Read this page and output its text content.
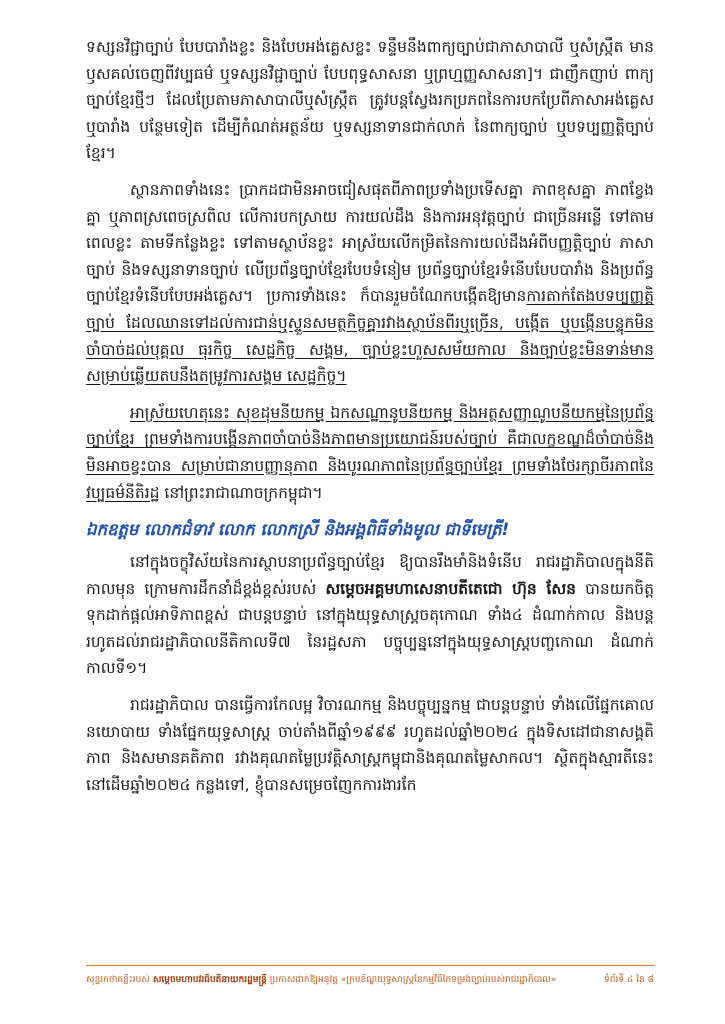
ទស្សនវិជ្ជាច្បាប់ បែបបារាំងខ្លះ និងបែបអង់គ្លេសខ្លះ ទន្ទឹមនឹងពាក្យច្បាប់ជាភាសាបាលី ឬសំស្រ្កឹត មានឫសគល់ចេញពីវប្បធម៌ ឬទស្សនវិជ្ជាច្បាប់ បែបពុទ្ធសាសនា ឬព្រហ្មញ្ញសាសនា]។ ជាញឹកញាប់ ពាក្យច្បាប់ខ្មែរថ្មីៗ ដែលប្រែតាមភាសាបាលីឬសំស្រ្កឹត ត្រូវបន្តស្វែងរកប្រភពនៃការបកប្រែពីភាសាអង់គ្លេស ឬបារាំង បន្ថែមទៀត ដើម្បីកំណត់អត្ថន័យ ឬទស្សនាទានជាក់លាក់ នៃពាក្យច្បាប់ ឬបទប្បញ្ញត្តិច្បាប់ខ្មែរ។

ស្ថានភាពទាំងនេះ ប្រាកដជាមិនអាចជៀសផុតពីភាពប្រទាំងប្រទើសគ្នា ភាពខុសគ្នា ភាពខ្វែងគ្នា ឬភាពស្រពេចស្រពិល លើការបកស្រាយ ការយល់ដឹង និងការអនុវត្តច្បាប់ ជាច្រើនអន្លើ ទៅតាមពេលខ្លះ តាមទីកន្លែងខ្លះ ទៅតាមស្ថាប័នខ្លះ អាស្រ័យលើកម្រិតនៃការយល់ដឹងអំពីបញ្ញត្តិច្បាប់ ភាសាច្បាប់ និងទស្សនាទានច្បាប់ លើប្រព័ន្ធច្បាប់ខ្មែរបែបទំនៀម ប្រព័ន្ធច្បាប់ខ្មែរទំនើបបែបបារាំង និងប្រព័ន្ធច្បាប់ខ្មែរទំនើបបែបអង់គ្លេស។ ប្រការទាំងនេះ ក៏បានរួមចំណែកបង្កើតឱ្យមានការតាក់តែងបទប្បញ្ញត្តិច្បាប់ ដែលឈានទៅដល់ការជាន់ឬស្ទួនសមត្ថកិច្ចគ្នារវាងស្ថាប័នពីរឬច្រើន, បង្កើត ឬបង្កើនបន្ទុកមិនចាំបាច់ដល់បុគ្គល ធុរកិច្ច សេដ្ឋកិច្ច សង្គម, ច្បាប់ខ្លះហួសសម័យកាល និងច្បាប់ខ្លះមិនទាន់មាន សម្រាប់ឆ្លើយតបនឹងតម្រូវការសង្គម សេដ្ឋកិច្ច។

អាស្រ័យហេតុនេះ សុខដុមនីយកម្ម ឯកសណ្ឋានូបនីយកម្ម និងអត្ថសញ្ញាណូបនីយកម្មនៃប្រព័ន្ធច្បាប់ខ្មែរ ព្រមទាំងការបង្កើនភាពចាំបាច់និងភាពមានប្រយោជន៍របស់ច្បាប់ គឺជាលក្ខខណ្ឌដ៏ចាំបាច់និងមិនអាចខ្វះបាន សម្រាប់ជានាបញ្ញានុភាព និងបូរណភាពនៃប្រព័ន្ធច្បាប់ខ្មែរ ព្រមទាំងថែរក្សាចីរភាពនៃវប្បធម៌នីតិរដ្ឋ នៅព្រះរាជាណាចក្រកម្ពុជា។

ឯកឧត្តម លោកជំទាវ លោក លោកស្រី និងអង្គពិធីទាំងមូល ជាទីមេត្រី!

នៅក្នុងចក្ខុវិស័យនៃការស្ថាបនាប្រព័ន្ធច្បាប់ខ្មែរ ឱ្យបានរឹងមាំនិងទំនើប រាជរដ្ឋាភិបាលក្នុងនីតិកាលមុន ក្រោមការដឹកនាំដ៏ខ្ពង់ខ្ពស់របស់ សម្តេចអគ្គមហាសេនាបតីតេជោ ហ៊ុន សែន បានយកចិត្តទុកដាក់ផ្តល់អាទិភាពខ្ពស់ ជាបន្តបន្ទាប់ នៅក្នុងយុទ្ធសាស្ត្រចតុកោណ ទាំង៤ ដំណាក់កាល និងបន្តរហូតដល់រាជរដ្ឋាភិបាលនីតិកាលទី៧ នៃរដ្ឋសភា បច្ចុប្បន្ននៅក្នុងយុទ្ធសាស្ត្របញ្ចកោណ ដំណាក់កាលទី១។

រាជរដ្ឋាភិបាល បានធ្វើការកែលម្អ វិចារណកម្ម និងបច្ចុប្បន្នកម្ម ជាបន្តបន្ទាប់ ទាំងលើផ្នែកគោលនយោបាយ ទាំងផ្នែកយុទ្ធសាស្ត្រ ចាប់តាំងពីឆ្នាំ១៩៩៩ រហូតដល់ឆ្នាំ២០២៤ ក្នុងទិសដៅជានាសង្គតិភាព និងសមានគតិភាព រវាងគុណតម្លៃប្រវត្តិសាស្ត្រកម្ពុជានិងគុណតម្លៃសាកល។ ស្ថិតក្នុងស្មារតីនេះ នៅដើមឆ្នាំ២០២៤ កន្លងទៅ, ខ្ញុំបានសម្រេចញែកការងារកែ

សុន្ទរកថាគន្លឹះរបស់ សម្តេចមហាបវរធិបតីនាយករដ្ឋមន្ត្រី ប្រកាសដាក់ឱ្យអនុវត្ត «ក្របខ័ណ្ឌយុទ្ធសាស្ត្រនៃកម្មវិធីកែទម្រង់ច្បាប់របស់រាជរដ្ឋាភិបាល»	ទំព័រទី ៤ នៃ ៨
